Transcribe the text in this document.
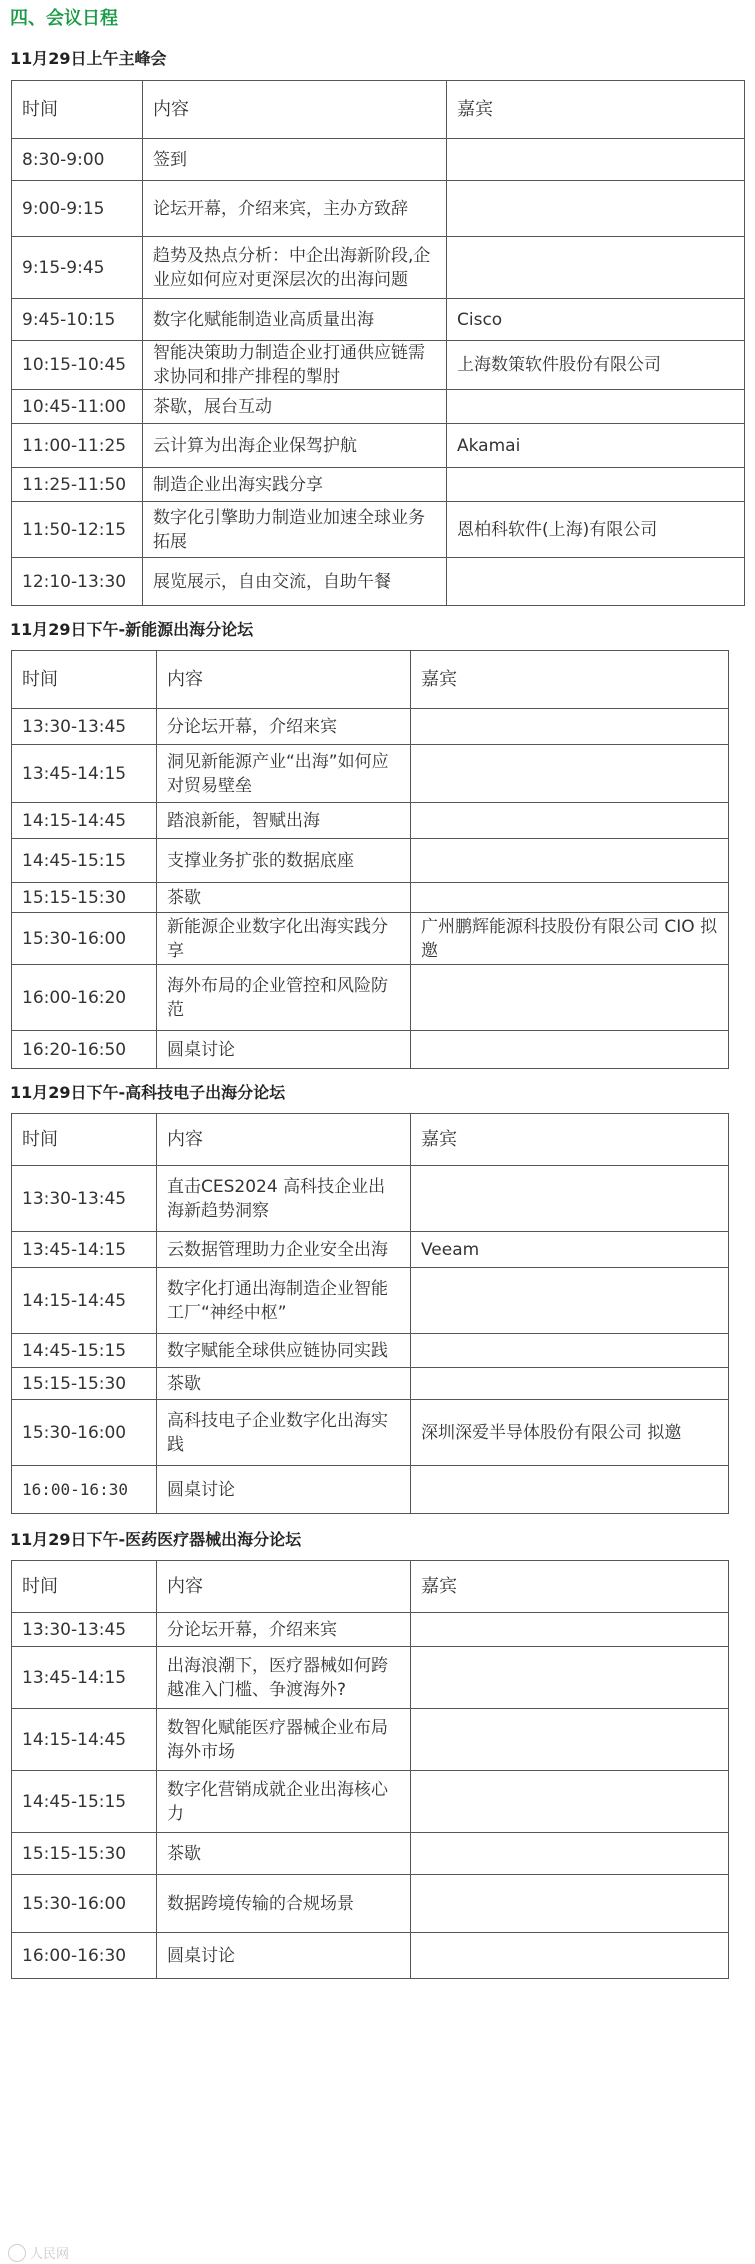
四、会议日程
11月29日上午主峰会
时间	内容	嘉宾
8:30-9:00	签到	
9:00-9:15	论坛开幕，介绍来宾，主办方致辞	
9:15-9:45	趋势及热点分析：中企出海新阶段,企业应如何应对更深层次的出海问题	
9:45-10:15	数字化赋能制造业高质量出海	Cisco
10:15-10:45	智能决策助力制造企业打通供应链需求协同和排产排程的掣肘	上海数策软件股份有限公司
10:45-11:00	茶歇，展台互动	
11:00-11:25	云计算为出海企业保驾护航	Akamai
11:25-11:50	制造企业出海实践分享	
11:50-12:15	数字化引擎助力制造业加速全球业务拓展	恩柏科软件(上海)有限公司
12:10-13:30	展览展示，自由交流，自助午餐	
11月29日下午-新能源出海分论坛
时间	内容	嘉宾
13:30-13:45	分论坛开幕，介绍来宾	
13:45-14:15	洞见新能源产业“出海”如何应对贸易壁垒	
14:15-14:45	踏浪新能，智赋出海	
14:45-15:15	支撑业务扩张的数据底座	
15:15-15:30	茶歇	
15:30-16:00	新能源企业数字化出海实践分享	广州鹏辉能源科技股份有限公司 CIO 拟邀
16:00-16:20	海外布局的企业管控和风险防范	
16:20-16:50	圆桌讨论	
11月29日下午-高科技电子出海分论坛
时间	内容	嘉宾
13:30-13:45	直击CES2024 高科技企业出海新趋势洞察	
13:45-14:15	云数据管理助力企业安全出海	Veeam
14:15-14:45	数字化打通出海制造企业智能工厂“神经中枢”	
14:45-15:15	数字赋能全球供应链协同实践	
15:15-15:30	茶歇	
15:30-16:00	高科技电子企业数字化出海实践	深圳深爱半导体股份有限公司 拟邀
16:00-16:30	圆桌讨论	
11月29日下午-医药医疗器械出海分论坛
时间	内容	嘉宾
13:30-13:45	分论坛开幕，介绍来宾	
13:45-14:15	出海浪潮下，医疗器械如何跨越准入门槛、争渡海外?	
14:15-14:45	数智化赋能医疗器械企业布局海外市场	
14:45-15:15	数字化营销成就企业出海核心力	
15:15-15:30	茶歇	
15:30-16:00	数据跨境传输的合规场景	
16:00-16:30	圆桌讨论	
人民网
